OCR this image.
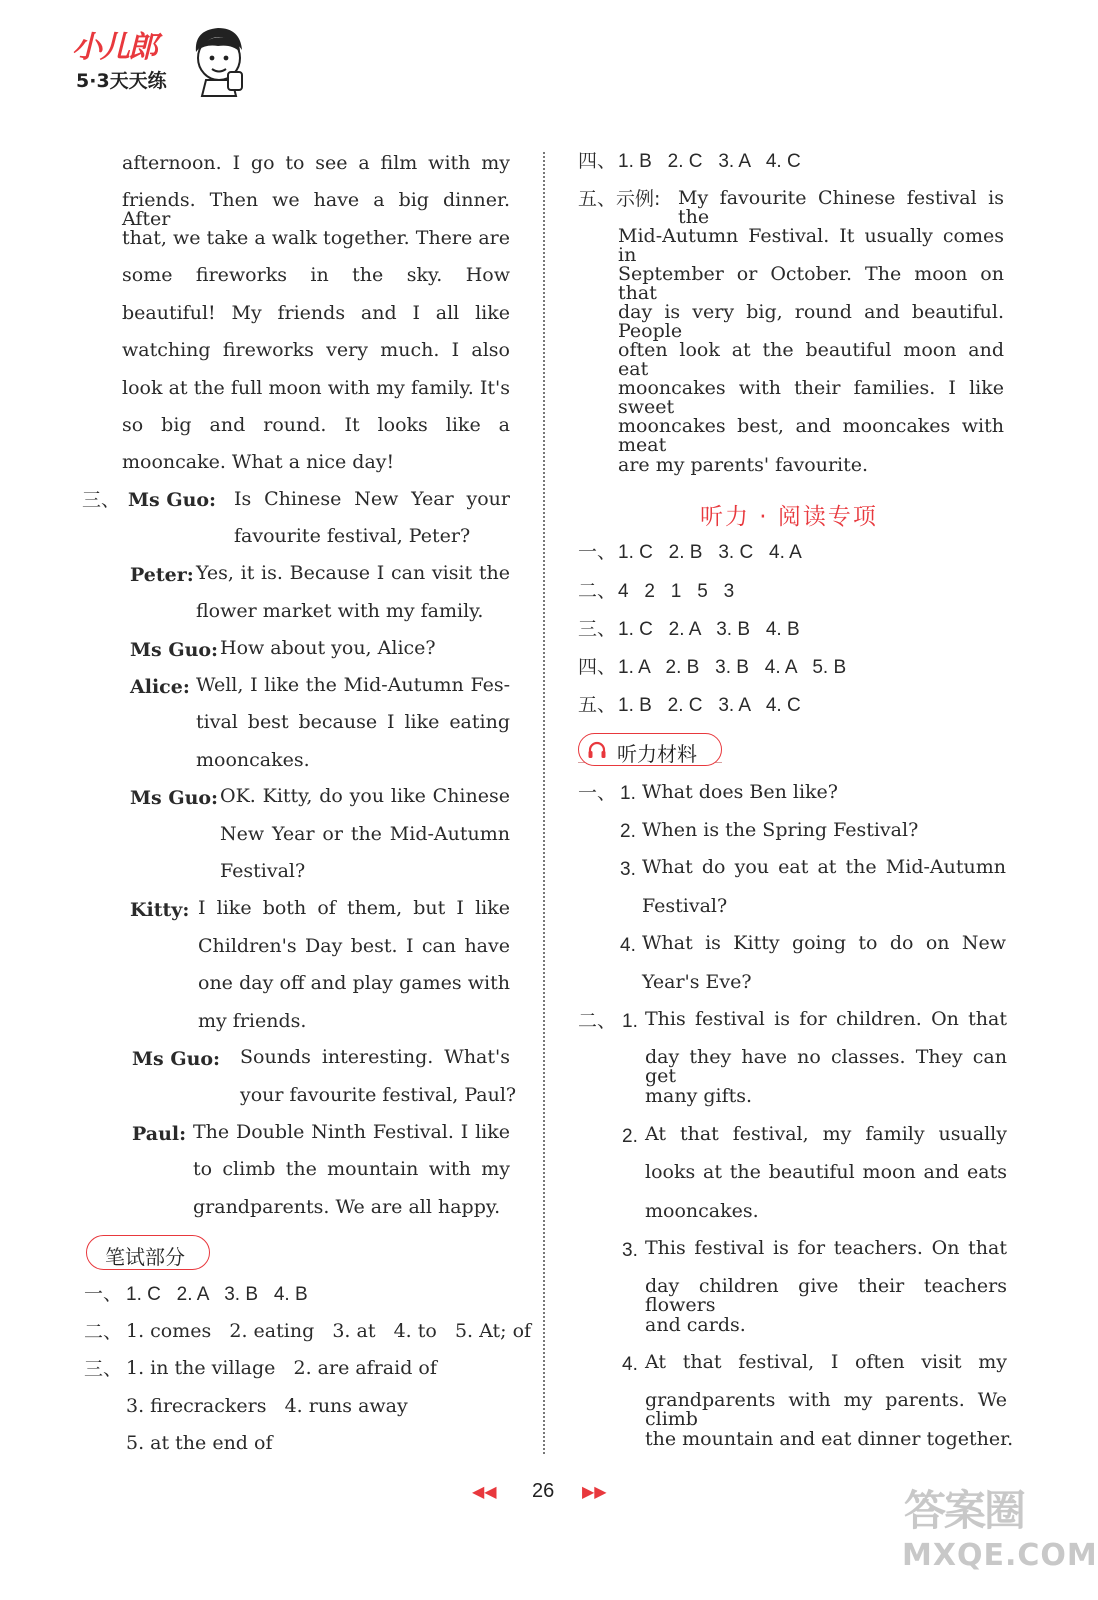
小儿郎
5·3天天练
afternoon. I go to see a film with my
friends. Then we have a big dinner. After
that, we take a walk together. There are
some fireworks in the sky. How
beautiful! My friends and I all like
watching fireworks very much. I also
look at the full moon with my family. It's
so big and round. It looks like a
mooncake. What a nice day!
三、 Ms Guo: Is Chinese New Year your
favourite festival, Peter?
Peter: Yes, it is. Because I can visit the
flower market with my family.
Ms Guo: How about you, Alice?
Alice: Well, I like the Mid-Autumn Fes-
tival best because I like eating
mooncakes.
Ms Guo: OK. Kitty, do you like Chinese
New Year or the Mid-Autumn
Festival?
Kitty: I like both of them, but I like
Children's Day best. I can have
one day off and play games with
my friends.
Ms Guo: Sounds interesting. What's
your favourite festival, Paul?
Paul: The Double Ninth Festival. I like
to climb the mountain with my
grandparents. We are all happy.
笔试部分
一、 1. C   2. A   3. B   4. B
二、 1. comes   2. eating   3. at   4. to   5. At; of
三、 1. in the village   2. are afraid of
3. firecrackers   4. runs away
5. at the end of
四、 1. B   2. C   3. A   4. C
五、示例: My favourite Chinese festival is the
Mid-Autumn Festival. It usually comes in
September or October. The moon on that
day is very big, round and beautiful. People
often look at the beautiful moon and eat
mooncakes with their families. I like sweet
mooncakes best, and mooncakes with meat
are my parents' favourite.
听力 · 阅读专项
一、 1. C   2. B   3. C   4. A
二、 4   2   1   5   3
三、 1. C   2. A   3. B   4. B
四、 1. A   2. B   3. B   4. A   5. B
五、 1. B   2. C   3. A   4. C
听力材料
一、 1. What does Ben like?
2. When is the Spring Festival?
3. What do you eat at the Mid-Autumn
Festival?
4. What is Kitty going to do on New
Year's Eve?
二、 1. This festival is for children. On that
day they have no classes. They can get
many gifts.
2. At that festival, my family usually
looks at the beautiful moon and eats
mooncakes.
3. This festival is for teachers. On that
day children give their teachers flowers
and cards.
4. At that festival, I often visit my
grandparents with my parents. We climb
the mountain and eat dinner together.
◀◀ 26 ▶▶	答案圈
MXQE.COM
